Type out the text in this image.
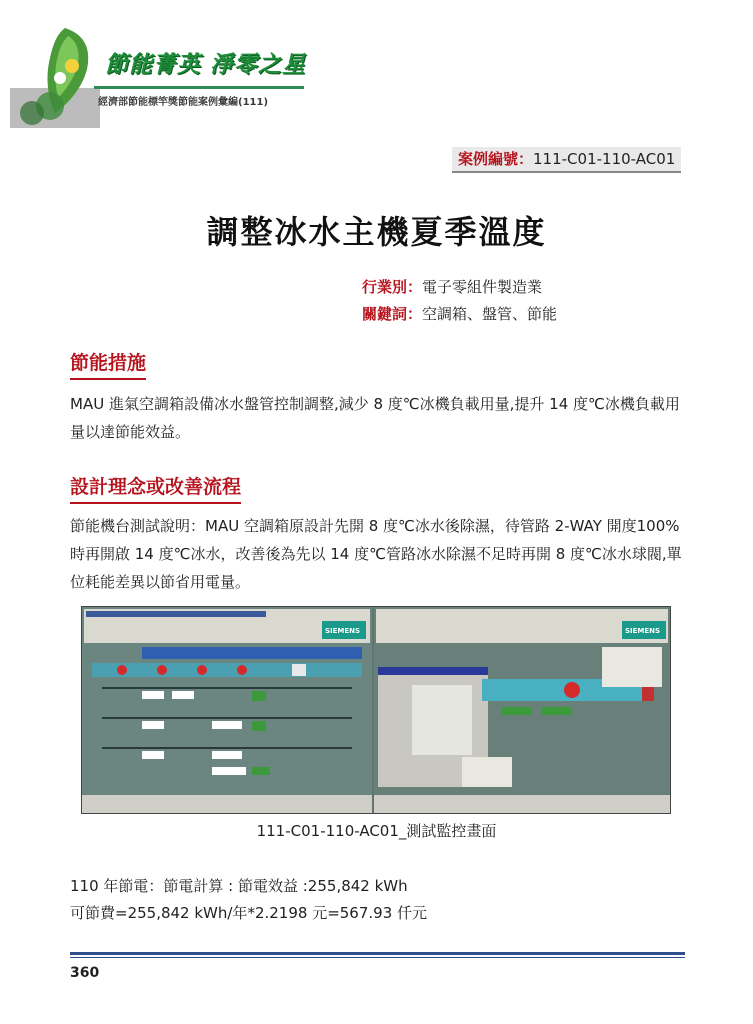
節能菁英 淨零之星
經濟部節能標竿獎節能案例彙編(111)
案例編號：111-C01-110-AC01
調整冰水主機夏季溫度
行業別：電子零組件製造業
關鍵詞：空調箱、盤管、節能
節能措施
MAU 進氣空調箱設備冰水盤管控制調整,減少 8 度℃冰機負載用量,提升 14 度℃冰機負載用量以達節能效益。
設計理念或改善流程
節能機台測試說明：MAU 空調箱原設計先開 8 度℃冰水後除濕，待管路 2-WAY 開度100%時再開啟 14 度℃冰水，改善後為先以 14 度℃管路冰水除濕不足時再開 8 度℃冰水球閥,單位耗能差異以節省用電量。
SIEMENS	SIEMENS
111-C01-110-AC01_測試監控畫面
110 年節電：節電計算 : 節電效益 :255,842 kWh
可節費=255,842 kWh/年*2.2198 元=567.93 仟元
360
